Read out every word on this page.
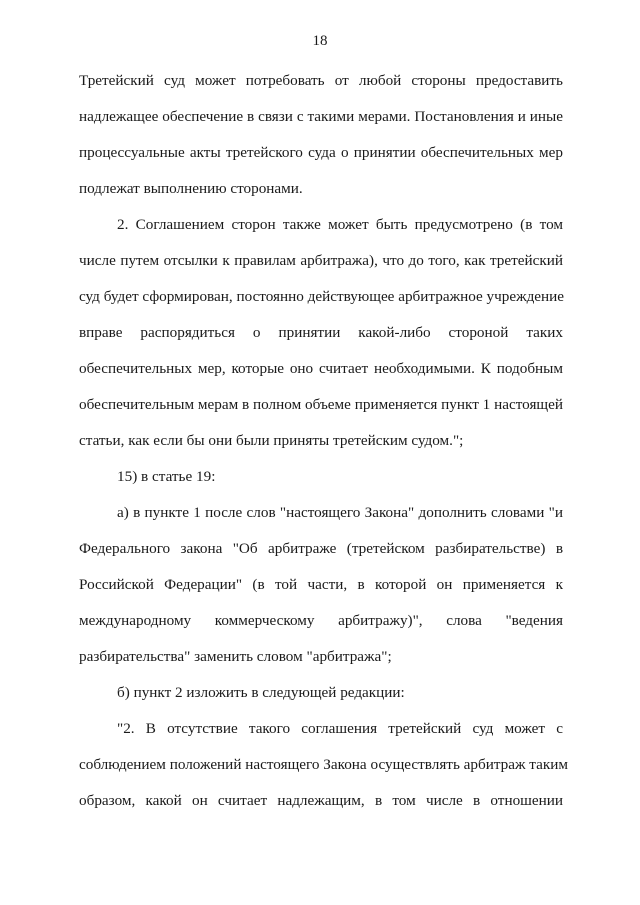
18
Третейский суд может потребовать от любой стороны предоставить
надлежащее обеспечение в связи с такими мерами. Постановления и иные
процессуальные акты третейского суда о принятии обеспечительных мер
подлежат выполнению сторонами.
2. Соглашением сторон также может быть предусмотрено (в том
числе путем отсылки к правилам арбитража), что до того, как третейский
суд будет сформирован, постоянно действующее арбитражное учреждение
вправе распорядиться о принятии какой-либо стороной таких
обеспечительных мер, которые оно считает необходимыми. К подобным
обеспечительным мерам в полном объеме применяется пункт 1 настоящей
статьи, как если бы они были приняты третейским судом.";
15) в статье 19:
а) в пункте 1 после слов "настоящего Закона" дополнить словами "и
Федерального закона "Об арбитраже (третейском разбирательстве) в
Российской Федерации" (в той части, в которой он применяется к
международному коммерческому арбитражу)", слова "ведения
разбирательства" заменить словом "арбитража";
б) пункт 2 изложить в следующей редакции:
"2. В отсутствие такого соглашения третейский суд может с
соблюдением положений настоящего Закона осуществлять арбитраж таким
образом, какой он считает надлежащим, в том числе в отношении
